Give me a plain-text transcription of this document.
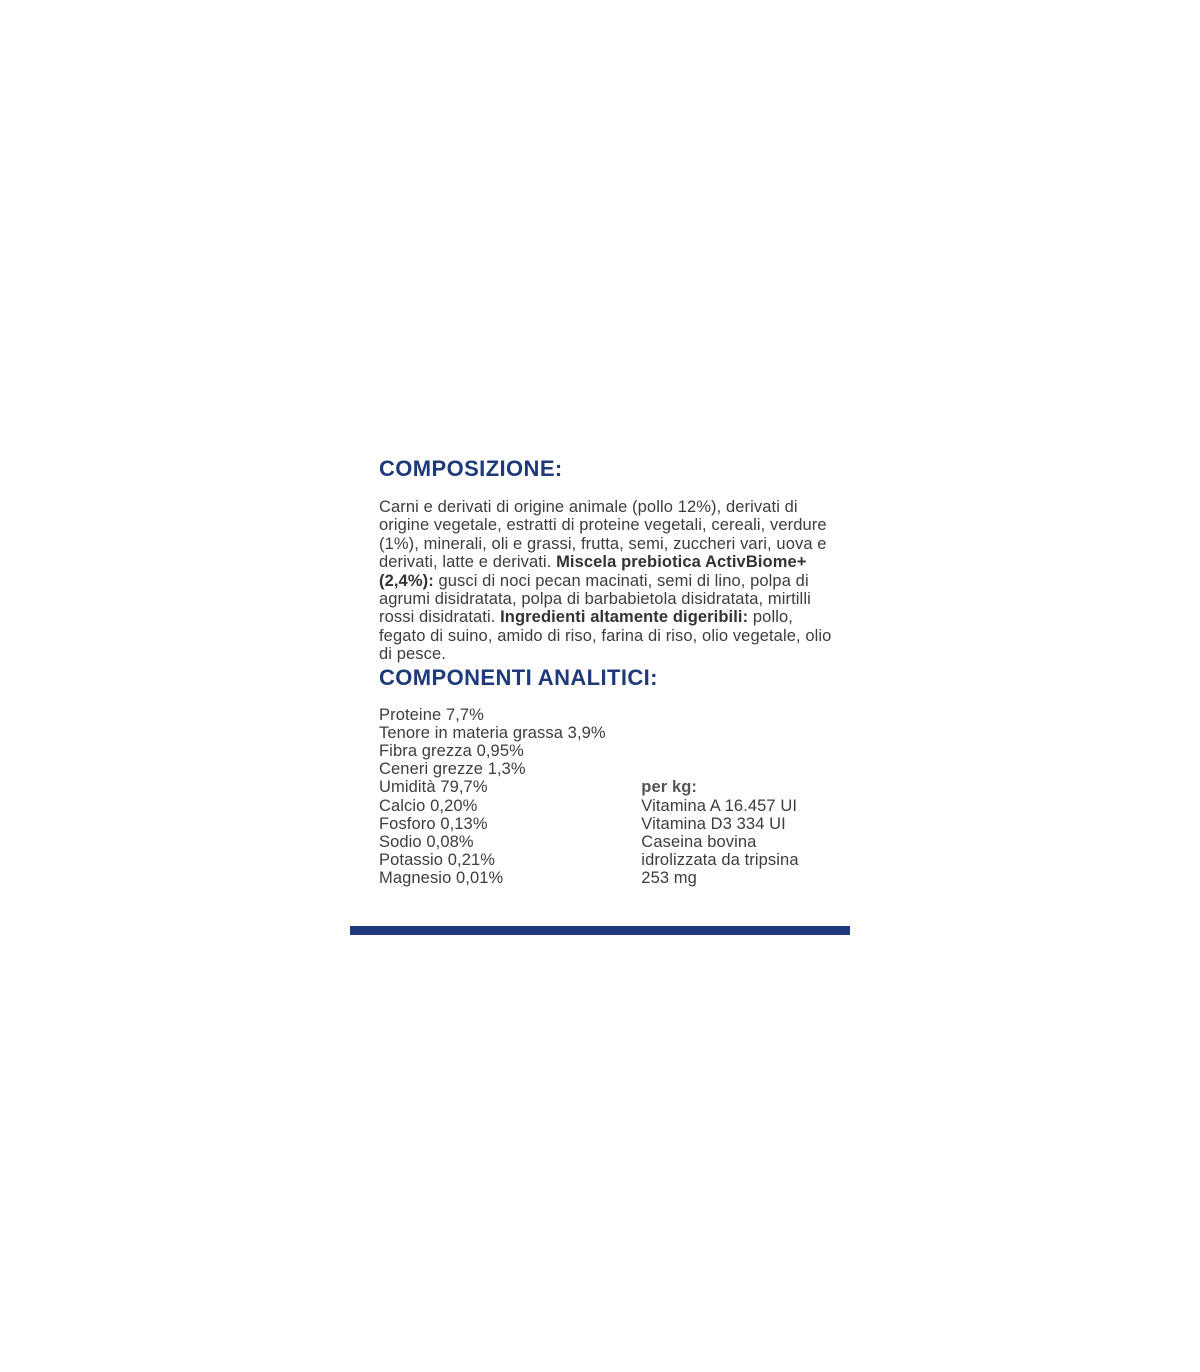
COMPOSIZIONE:

Carni e derivati di origine animale (pollo 12%), derivati di origine vegetale, estratti di proteine vegetali, cereali, verdure (1%), minerali, oli e grassi, frutta, semi, zuccheri vari, uova e derivati, latte e derivati. Miscela prebiotica ActivBiome+ (2,4%): gusci di noci pecan macinati, semi di lino, polpa di agrumi disidratata, polpa di barbabietola disidratata, mirtilli rossi disidratati. Ingredienti altamente digeribili: pollo, fegato di suino, amido di riso, farina di riso, olio vegetale, olio di pesce.

COMPONENTI ANALITICI:
Proteine 7,7%
Tenore in materia grassa 3,9%
Fibra grezza 0,95%
Ceneri grezze 1,3%
Umidità 79,7%
Calcio 0,20%
Fosforo 0,13%
Sodio 0,08%
Potassio 0,21%
Magnesio 0,01%
per kg:
Vitamina A 16.457 UI
Vitamina D3 334 UI
Caseina bovina
idrolizzata da tripsina
253 mg
